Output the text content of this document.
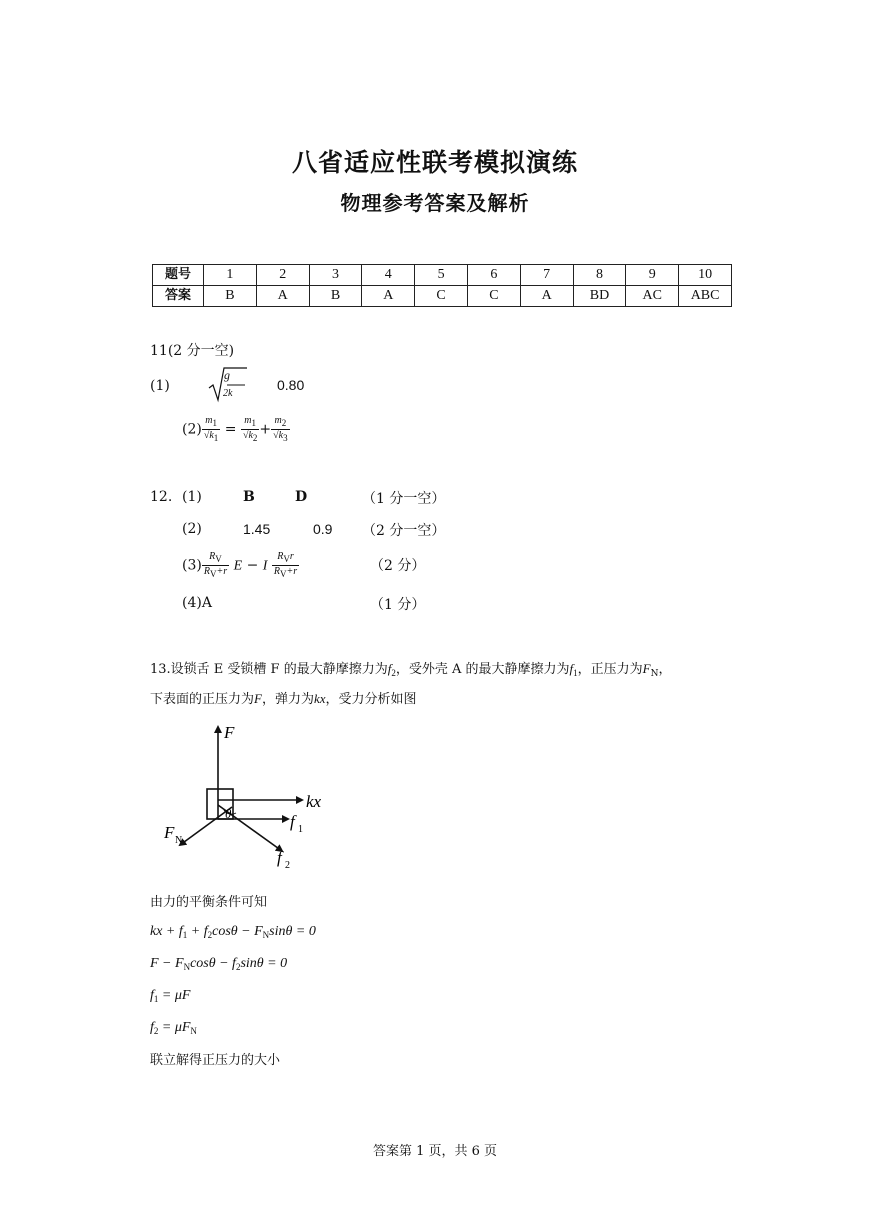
八省适应性联考模拟演练
物理参考答案及解析
题号	1	2	3	4	5	6	7	8	9	10
答案	B	A	B	A	C	C	A	BD	AC	ABC
11(2 分一空)
(1)
g
2k
0.80
$(2) \frac{m1}{√k1} = \frac{m1}{√k2} + \frac{m2}{√k3}$
12. (1)	B	D	（1 分一空）
(2)	1.45	0.9 （2 分一空）
$(3) \frac{RV}{RV+r}$ E − I $\frac{\text{RVr}}{RV+r}$	（2 分）
(4)A	（1 分）
13.设锁舌 E 受锁槽 F 的最大静摩擦力为$f_2$，受外壳 A 的最大静摩擦力为$f_1$，正压力为$F_N$，
下表面的正压力为F，弹力为kx，受力分析如图
F
kx
f 1
f 2
F N
θ
由力的平衡条件可知
kx + $f_1 + f_2\cos\theta - F_N\sin\theta = 0$
$F - F_N\cos\theta - f_2\sin\theta = 0$
$f_1 = \mu F$
$f_2 = \mu F_N$
联立解得正压力的大小
答案第 1 页，共 6 页
